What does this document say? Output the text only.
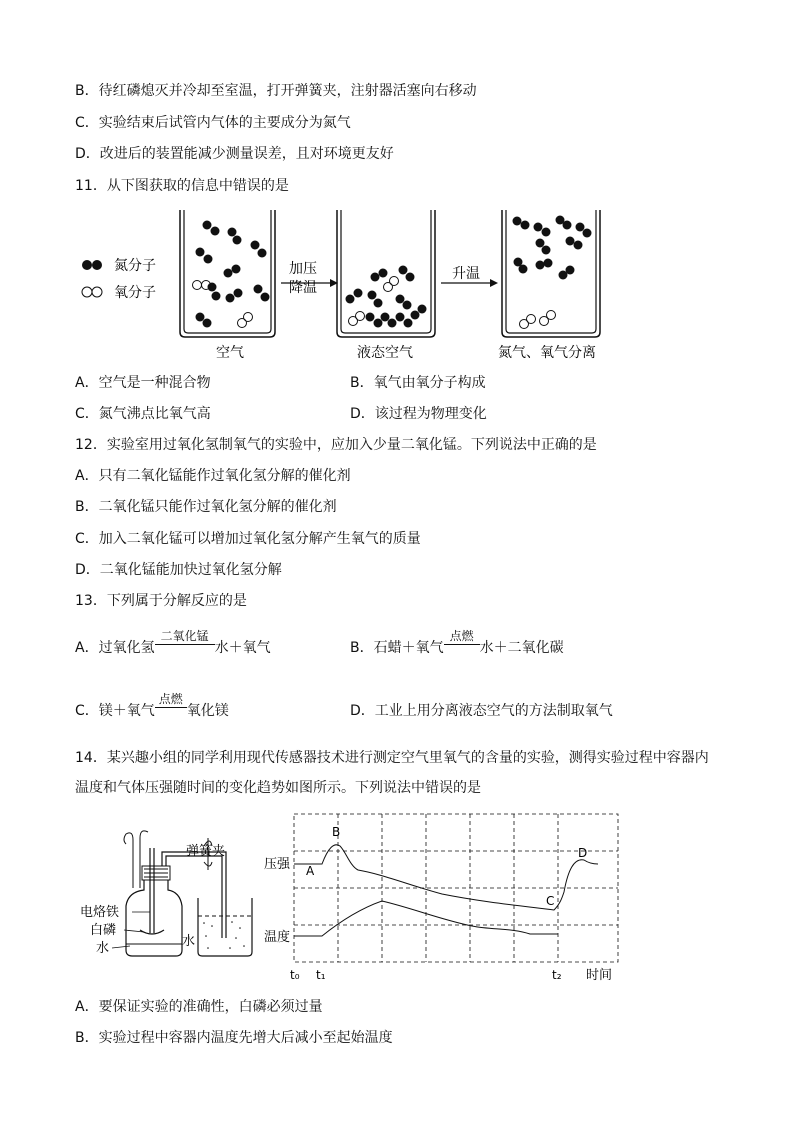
B．待红磷熄灭并冷却至室温，打开弹簧夹，注射器活塞向右移动
C．实验结束后试管内气体的主要成分为氮气
D．改进后的装置能减少测量误差，且对环境更友好
11．从下图获取的信息中错误的是
氮分子
氧分子
加压
降温
升温
空气	液态空气	氮气、氧气分离
A．空气是一种混合物	B．氧气由氧分子构成
C．氮气沸点比氧气高	D．该过程为物理变化
12．实验室用过氧化氢制氧气的实验中，应加入少量二氧化锰。下列说法中正确的是
A．只有二氧化锰能作过氧化氢分解的催化剂
B．二氧化锰只能作过氧化氢分解的催化剂
C．加入二氧化锰可以增加过氧化氢分解产生氧气的质量
D．二氧化锰能加快过氧化氢分解
13．下列属于分解反应的是
A．过氧化氢
二氧化锰
水＋氧气	B．石蜡＋氧气
点燃
水＋二氧化碳
C．镁＋氧气
点燃
氧化镁	D．工业上用分离液态空气的方法制取氧气
14．某兴趣小组的同学利用现代传感器技术进行测定空气里氧气的含量的实验，测得实验过程中容器内
温度和气体压强随时间的变化趋势如图所示。下列说法中错误的是
弹簧夹
电烙铁
白磷
水	水
A
B
C
D
压强
温度
t₀ t₁	t₂ 时间
A．要保证实验的准确性，白磷必须过量
B．实验过程中容器内温度先增大后减小至起始温度
